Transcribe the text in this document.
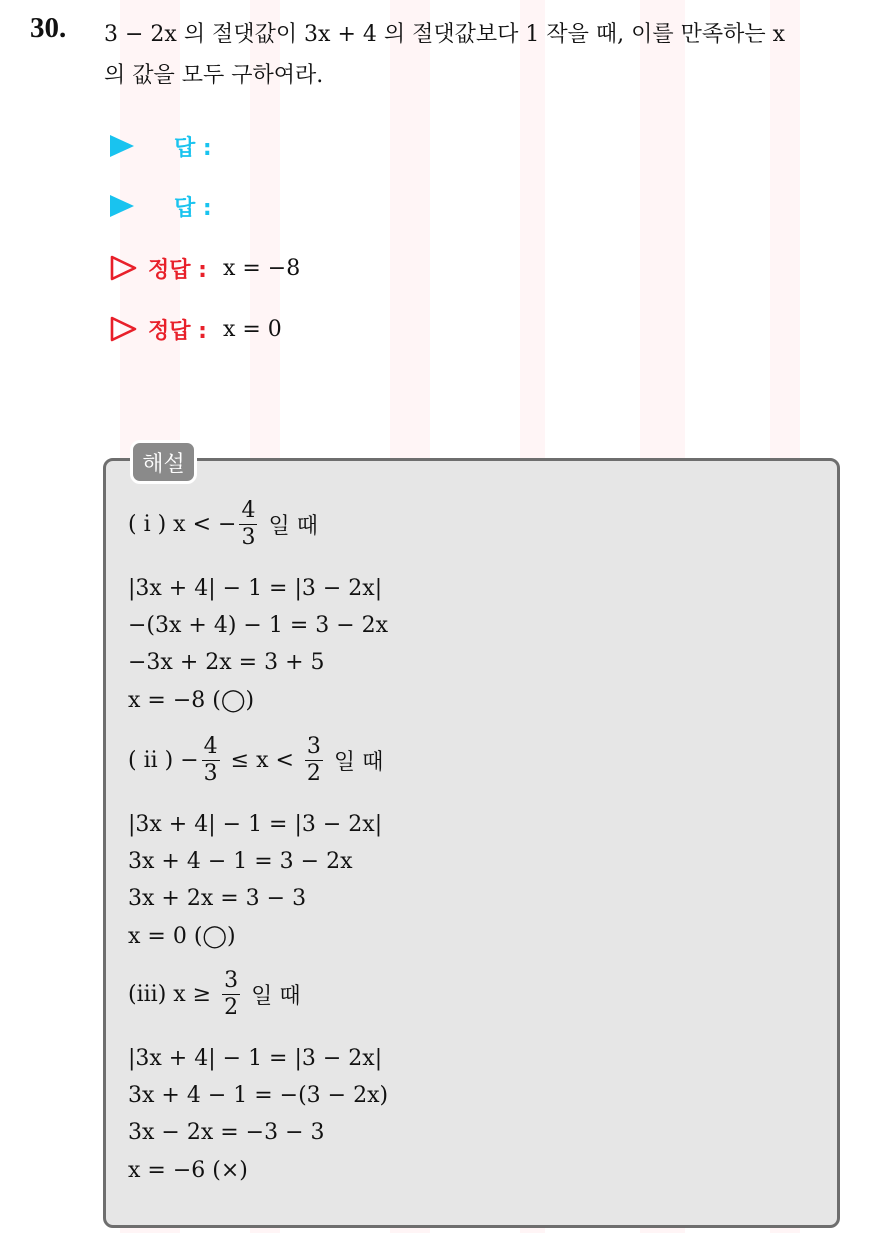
30. 3 − 2x 의 절댓값이 3x + 4 의 절댓값보다 1 작을 때, 이를 만족하는 x
의 값을 모두 구하여라.
답 :
답 :
정답 : x = −8
정답 : x = 0
해설
( i ) x < − $\frac{4}{3}$ 일 때
|3x + 4| − 1 = |3 − 2x|
−(3x + 4) − 1 = 3 − 2x
−3x + 2x = 3 + 5
x = −8 (◯)
( ii ) − $\frac{4}{3} \le x < \frac{3}{2}$ 일 때
|3x + 4| − 1 = |3 − 2x|
3x + 4 − 1 = 3 − 2x
3x + 2x = 3 − 3
x = 0 (◯)
(iii) $x \ge \frac{3}{2}$ 일 때
|3x + 4| − 1 = |3 − 2x|
3x + 4 − 1 = −(3 − 2x)
3x − 2x = −3 − 3
x = −6 (×)
